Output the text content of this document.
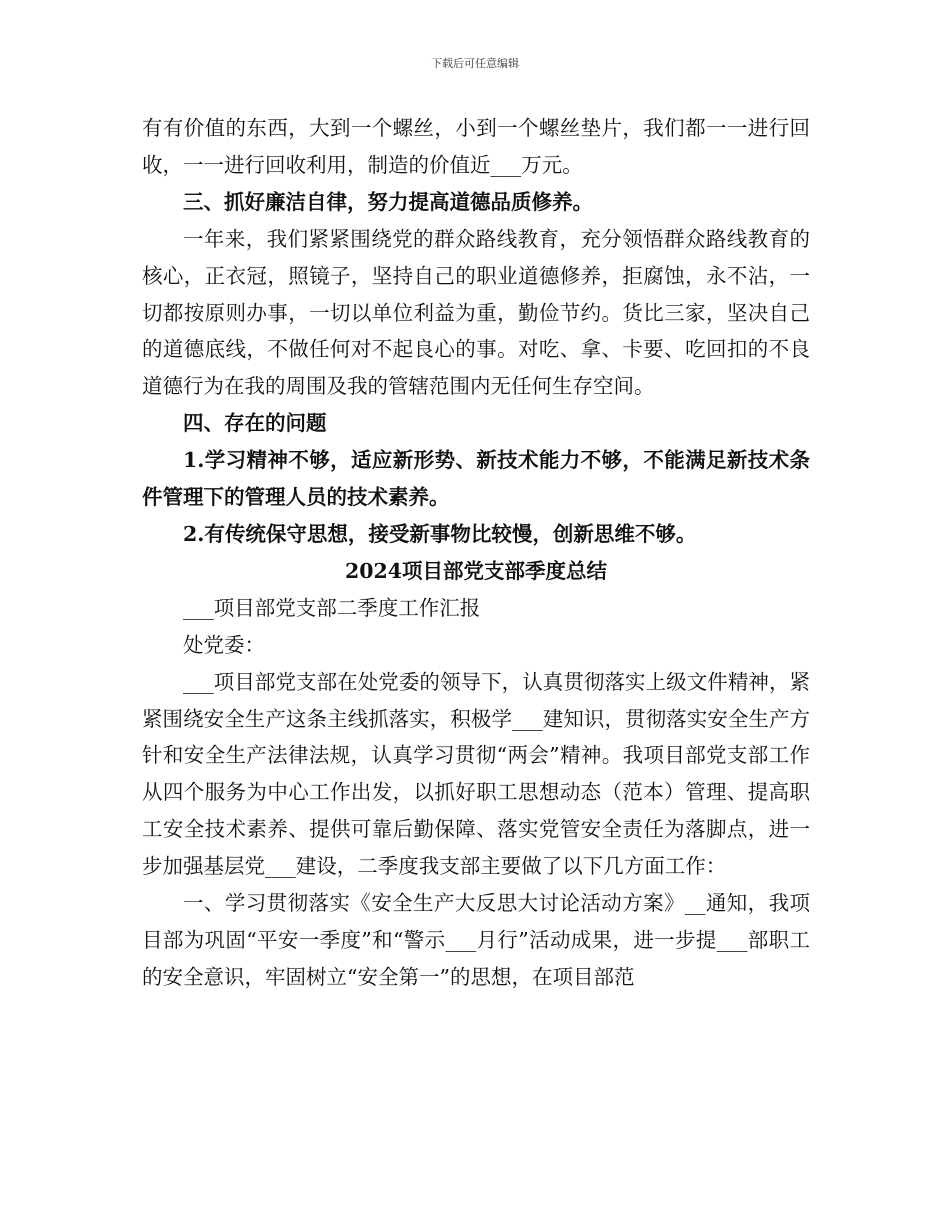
下载后可任意编辑

有有价值的东西，大到一个螺丝，小到一个螺丝垫片，我们都一一进行回收，一一进行回收利用，制造的价值近___万元。

三、抓好廉洁自律，努力提高道德品质修养。

一年来，我们紧紧围绕党的群众路线教育，充分领悟群众路线教育的核心，正衣冠，照镜子，坚持自己的职业道德修养，拒腐蚀，永不沾，一切都按原则办事，一切以单位利益为重，勤俭节约。货比三家，坚决自己的道德底线，不做任何对不起良心的事。对吃、拿、卡要、吃回扣的不良道德行为在我的周围及我的管辖范围内无任何生存空间。

四、存在的问题

1.学习精神不够，适应新形势、新技术能力不够，不能满足新技术条件管理下的管理人员的技术素养。

2.有传统保守思想，接受新事物比较慢，创新思维不够。

2024项目部党支部季度总结

___项目部党支部二季度工作汇报

处党委：

___项目部党支部在处党委的领导下，认真贯彻落实上级文件精神，紧紧围绕安全生产这条主线抓落实，积极学___建知识，贯彻落实安全生产方针和安全生产法律法规，认真学习贯彻“两会”精神。我项目部党支部工作从四个服务为中心工作出发，以抓好职工思想动态（范本）管理、提高职工安全技术素养、提供可靠后勤保障、落实党管安全责任为落脚点，进一步加强基层党___建设，二季度我支部主要做了以下几方面工作：

一、学习贯彻落实《安全生产大反思大讨论活动方案》__通知，我项目部为巩固“平安一季度”和“警示___月行”活动成果，进一步提___部职工的安全意识，牢固树立“安全第一”的思想，在项目部范
